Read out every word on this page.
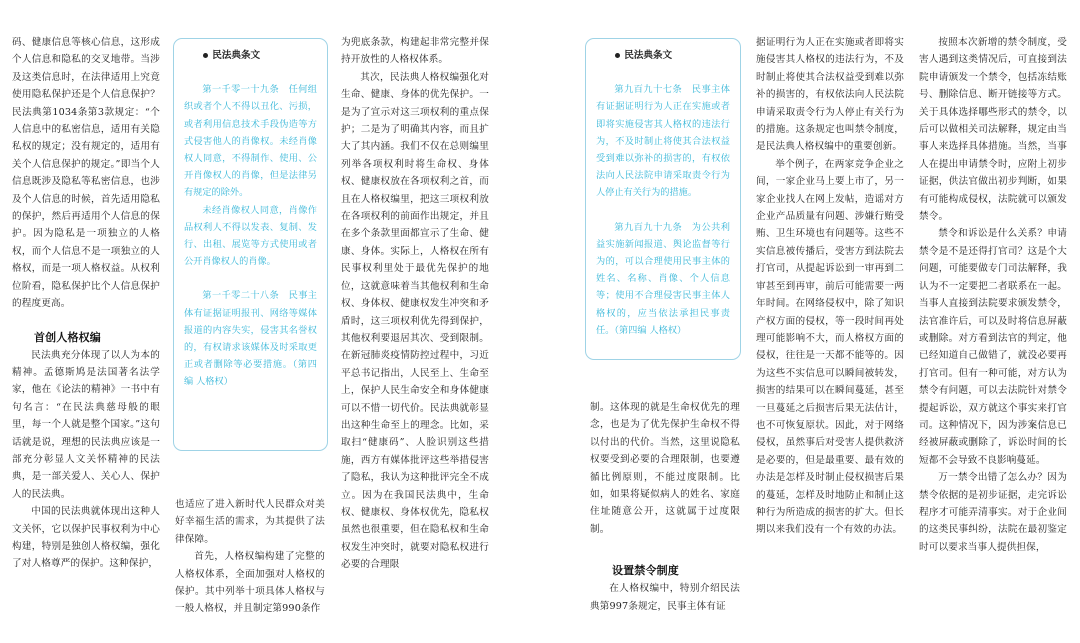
码、健康信息等核心信息，这形成个人信息和隐私的交叉地带。当涉及这类信息时，在法律适用上究竟使用隐私保护还是个人信息保护？民法典第1034条第3款规定：“个人信息中的私密信息，适用有关隐私权的规定；没有规定的，适用有关个人信息保护的规定。”即当个人信息既涉及隐私等私密信息，也涉及个人信息的时候，首先适用隐私的保护，然后再适用个人信息的保护。因为隐私是一项独立的人格权，而个人信息不是一项独立的人格权，而是一项人格权益。从权利位阶看，隐私保护比个人信息保护的程度更高。

首创人格权编

民法典充分体现了以人为本的精神。孟德斯鸠是法国著名法学家，他在《论法的精神》一书中有句名言：“在民法典慈母般的眼里，每一个人就是整个国家。”这句话就是说，理想的民法典应该是一部充分彰显人文关怀精神的民法典，是一部关爱人、关心人、保护人的民法典。

中国的民法典就体现出这种人文关怀，它以保护民事权利为中心构建，特别是独创人格权编，强化了对人格尊严的保护。这种保护，

民法典条文

第一千零一十九条　任何组织或者个人不得以丑化、污损，或者利用信息技术手段伪造等方式侵害他人的肖像权。未经肖像权人同意，不得制作、使用、公开肖像权人的肖像，但是法律另有规定的除外。

未经肖像权人同意，肖像作品权利人不得以发表、复制、发行、出租、展览等方式使用或者公开肖像权人的肖像。

第一千零二十八条　民事主体有证据证明报刊、网络等媒体报道的内容失实，侵害其名誉权的，有权请求该媒体及时采取更正或者删除等必要措施。（第四编 人格权）

也适应了进入新时代人民群众对美好幸福生活的需求，为其提供了法律保障。

首先，人格权编构建了完整的人格权体系，全面加强对人格权的保护。其中列举十项具体人格权与一般人格权，并且制定第990条作

为兜底条款，构建起非常完整并保持开放性的人格权体系。

其次，民法典人格权编强化对生命、健康、身体的优先保护。一是为了宣示对这三项权利的重点保护；二是为了明确其内容，而且扩大了其内涵。我们不仅在总则编里列举各项权利时将生命权、身体权、健康权放在各项权利之首，而且在人格权编里，把这三项权利放在各项权利的前面作出规定，并且在多个条款里面都宣示了生命、健康、身体。实际上，人格权在所有民事权利里处于最优先保护的地位，这就意味着当其他权利和生命权、身体权、健康权发生冲突和矛盾时，这三项权利优先得到保护，其他权利要退居其次、受到限制。在新冠肺炎疫情防控过程中，习近平总书记指出，人民至上、生命至上，保护人民生命安全和身体健康可以不惜一切代价。民法典就彰显出这种生命至上的理念。比如，采取扫“健康码”、人脸识别这些措施，西方有媒体批评这些举措侵害了隐私，我认为这种批评完全不成立。因为在我国民法典中，生命权、健康权、身体权优先，隐私权虽然也很重要，但在隐私权和生命权发生冲突时，就要对隐私权进行必要的合理限

民法典条文

第九百九十七条　民事主体有证据证明行为人正在实施或者即将实施侵害其人格权的违法行为，不及时制止将使其合法权益受到难以弥补的损害的，有权依法向人民法院申请采取责令行为人停止有关行为的措施。

第九百九十九条　为公共利益实施新闻报道、舆论监督等行为的，可以合理使用民事主体的姓名、名称、肖像、个人信息等；使用不合理侵害民事主体人格权的，应当依法承担民事责任。（第四编 人格权）

制。这体现的就是生命权优先的理念，也是为了优先保护生命权不得以付出的代价。当然，这里说隐私权要受到必要的合理限制，也要遵循比例原则，不能过度限制。比如，如果将疑似病人的姓名、家庭住址随意公开，这就属于过度限制。

设置禁令制度

在人格权编中，特别介绍民法典第997条规定，民事主体有证

据证明行为人正在实施或者即将实施侵害其人格权的违法行为，不及时制止将使其合法权益受到难以弥补的损害的，有权依法向人民法院申请采取责令行为人停止有关行为的措施。这条规定也叫禁令制度，是民法典人格权编中的重要创新。

举个例子，在两家竞争企业之间，一家企业马上要上市了，另一家企业找人在网上发帖，造谣对方企业产品质量有问题、涉嫌行贿受贿、卫生环境也有问题等。这些不实信息被传播后，受害方到法院去打官司，从提起诉讼到一审再到二审甚至到再审，前后可能需要一两年时间。在网络侵权中，除了知识产权方面的侵权，等一段时间再处理可能影响不大，而人格权方面的侵权，往往是一天都不能等的。因为这些不实信息可以瞬间被转发，损害的结果可以在瞬间蔓延，甚至一旦蔓延之后损害后果无法估计，也不可恢复原状。因此，对于网络侵权，虽然事后对受害人提供救济是必要的，但是最重要、最有效的办法是怎样及时制止侵权损害后果的蔓延，怎样及时地防止和制止这种行为所造成的损害的扩大。但长期以来我们没有一个有效的办法。

按照本次新增的禁令制度，受害人遇到这类情况后，可直接到法院申请颁发一个禁令，包括冻结账号、删除信息、断开链接等方式。关于具体选择哪些形式的禁令，以后可以做相关司法解释，规定由当事人来选择具体措施。当然，当事人在提出申请禁令时，应附上初步证据，供法官做出初步判断，如果有可能构成侵权，法院就可以颁发禁令。

禁令和诉讼是什么关系？申请禁令是不是还得打官司？这是个大问题，可能要做专门司法解释，我认为不一定要把二者联系在一起。当事人直接到法院要求颁发禁令，法官准许后，可以及时将信息屏蔽或删除。对方看到法官的判定，他已经知道自己做错了，就没必要再打官司。但有一种可能，对方认为禁令有问题，可以去法院针对禁令提起诉讼，双方就这个事实来打官司。这种情况下，因为涉案信息已经被屏蔽或删除了，诉讼时间的长短都不会导致不良影响蔓延。

万一禁令出错了怎么办？因为禁令依据的是初步证据，走完诉讼程序才可能弄清事实。对于企业间的这类民事纠纷，法院在最初鉴定时可以要求当事人提供担保，
